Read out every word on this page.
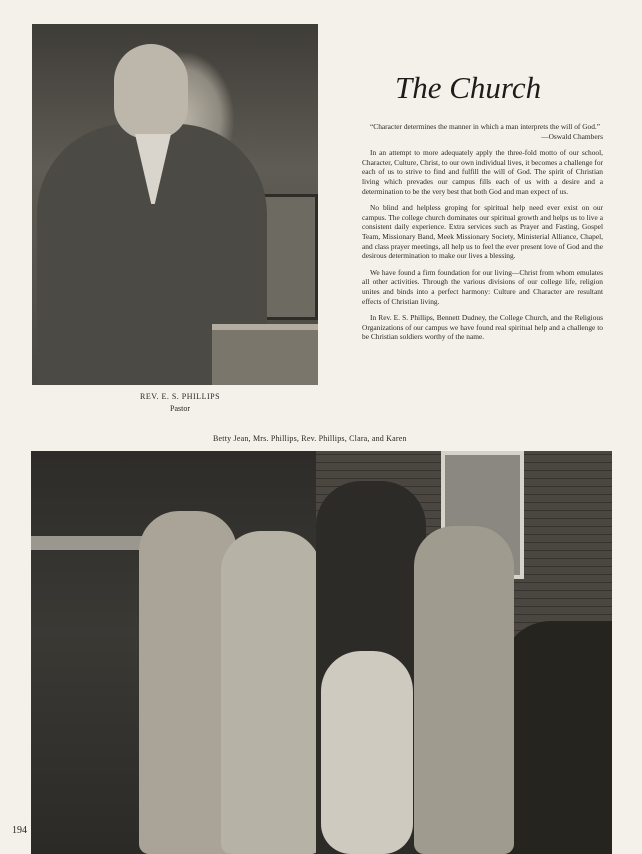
REV. E. S. PHILLIPS
Pastor
The Church

“Character determines the manner in which a man interprets the will of God.”
—Oswald Chambers

In an attempt to more adequately apply the three-fold motto of our school, Character, Culture, Christ, to our own individual lives, it becomes a challenge for each of us to strive to find and fulfill the will of God. The spirit of Christian living which prevades our campus fills each of us with a desire and a determination to be the very best that both God and man expect of us.

No blind and helpless groping for spiritual help need ever exist on our campus. The college church dominates our spiritual growth and helps us to live a consistent daily experience. Extra services such as Prayer and Fasting, Gospel Team, Missionary Band, Meek Missionary Society, Ministerial Alliance, Chapel, and class prayer meetings, all help us to feel the ever present love of God and the desirous determination to make our lives a blessing.

We have found a firm foundation for our living—Christ from whom emulates all other activities. Through the various divisions of our college life, religion unites and binds into a perfect harmony: Culture and Character are resultant effects of Christian living.

In Rev. E. S. Phillips, Bennett Dudney, the College Church, and the Religious Organizations of our campus we have found real spiritual help and a challenge to be Christian soldiers worthy of the name.

Betty Jean, Mrs. Phillips, Rev. Phillips, Clara, and Karen
194
